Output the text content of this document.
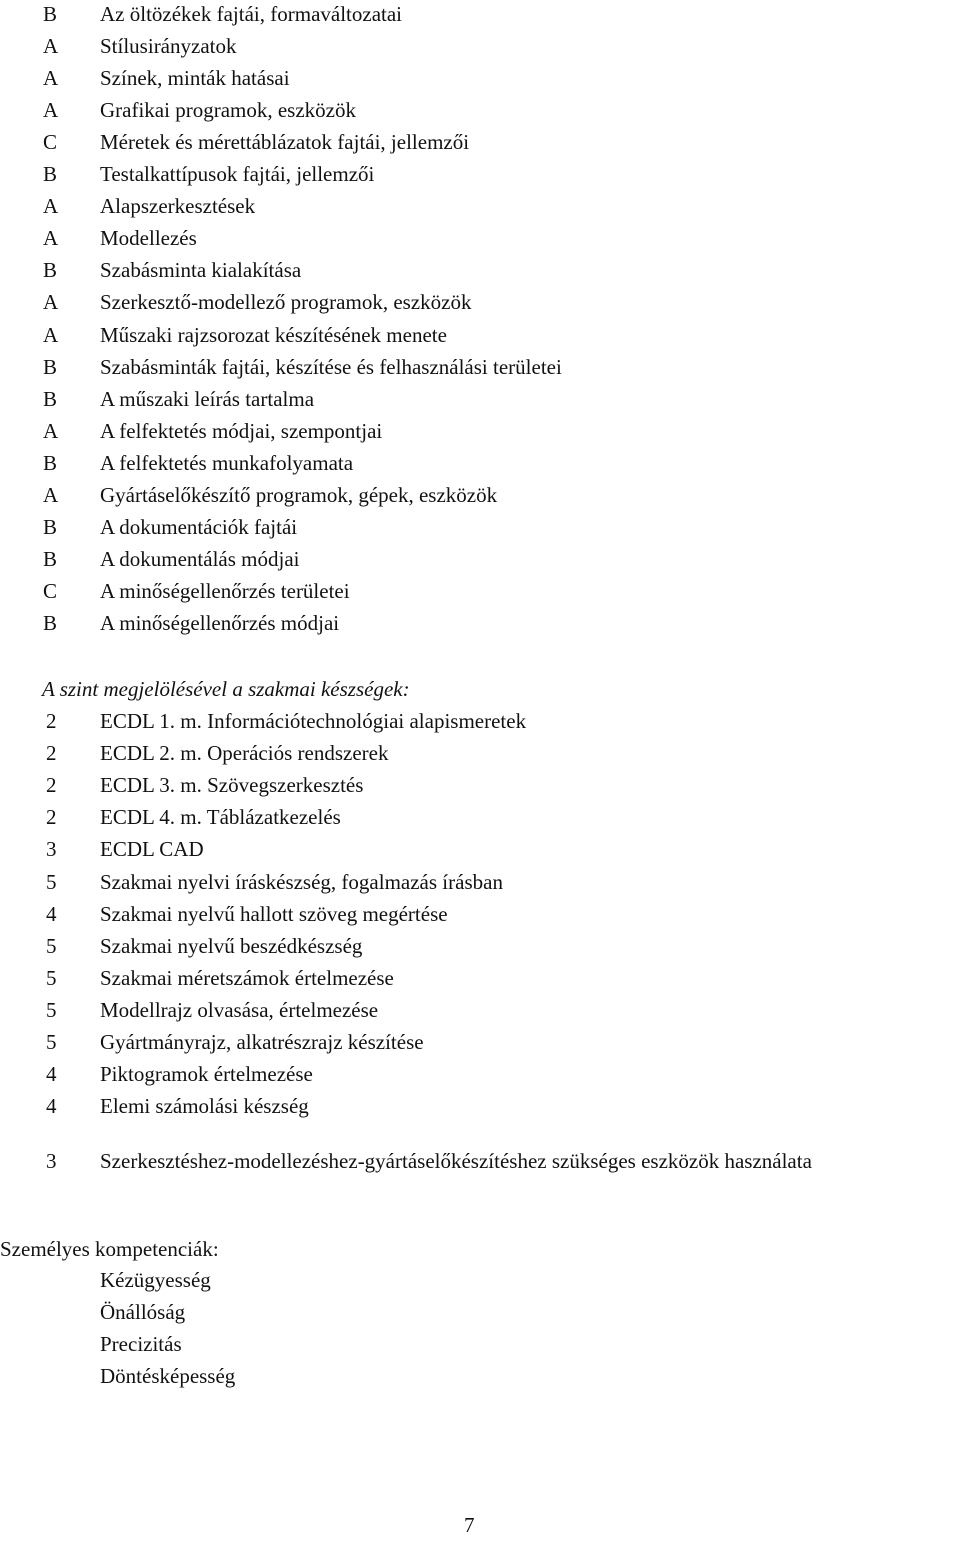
B	Az öltözékek fajtái, formaváltozatai
A	Stílusirányzatok
A	Színek, minták hatásai
A	Grafikai programok, eszközök
C	Méretek és mérettáblázatok fajtái, jellemzői
B	Testalkattípusok fajtái, jellemzői
A	Alapszerkesztések
A	Modellezés
B	Szabásminta kialakítása
A	Szerkesztő-modellező programok, eszközök
A	Műszaki rajzsorozat készítésének menete
B	Szabásminták fajtái, készítése és felhasználási területei
B	A műszaki leírás tartalma
A	A felfektetés módjai, szempontjai
B	A felfektetés munkafolyamata
A	Gyártáselőkészítő programok, gépek, eszközök
B	A dokumentációk fajtái
B	A dokumentálás módjai
C	A minőségellenőrzés területei
B	A minőségellenőrzés módjai
A szint megjelölésével a szakmai készségek:
2	ECDL 1. m. Információtechnológiai alapismeretek
2	ECDL 2. m. Operációs rendszerek
2	ECDL 3. m. Szövegszerkesztés
2	ECDL 4. m. Táblázatkezelés
3	ECDL CAD
5	Szakmai nyelvi íráskészség, fogalmazás írásban
4	Szakmai nyelvű hallott szöveg megértése
5	Szakmai nyelvű beszédkészség
5	Szakmai méretszámok értelmezése
5	Modellrajz olvasása, értelmezése
5	Gyártmányrajz, alkatrészrajz készítése
4	Piktogramok értelmezése
4	Elemi számolási készség
3	Szerkesztéshez-modellezéshez-gyártáselőkészítéshez szükséges eszközök használata
Személyes kompetenciák:
Kézügyesség
Önállóság
Precizitás
Döntésképesség
7
